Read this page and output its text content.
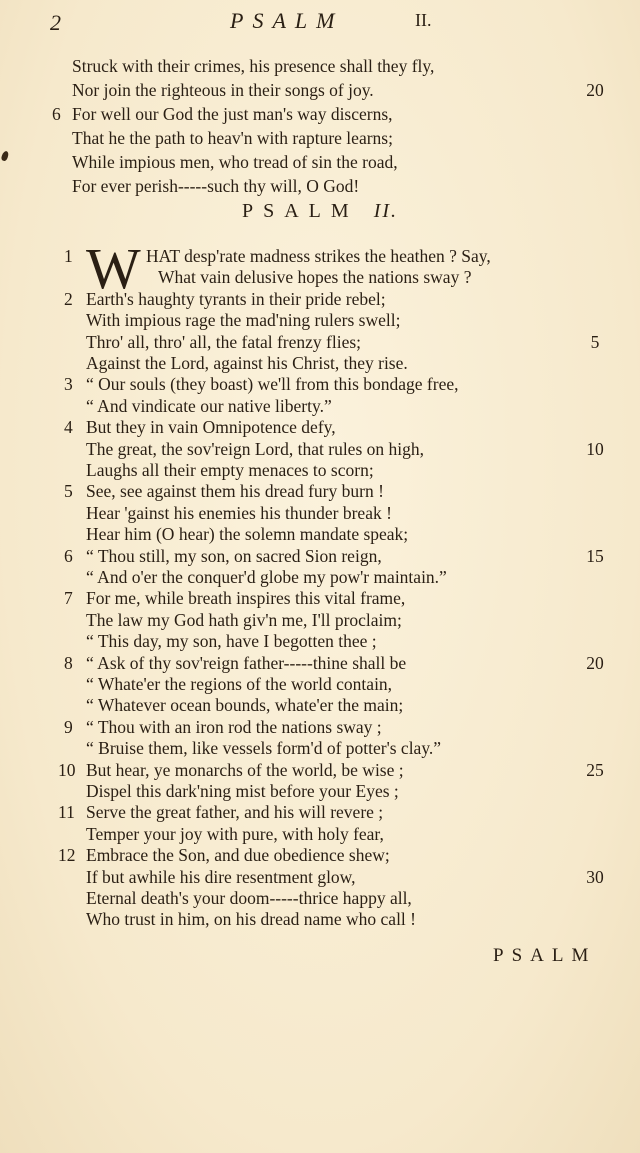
2	PSALM	II.
Struck with their crimes, his presence shall they fly,
Nor join the righteous in their songs of joy.	20
6 For well our God the just man's way discerns,
That he the path to heav'n with rapture learns;
While impious men, who tread of sin the road,
For ever perish-----such thy will, O God!
PSALM II.
W
1	HAT desp'rate madness strikes the heathen ? Say,
What vain delusive hopes the nations sway ?
2 Earth's haughty tyrants in their pride rebel;
With impious rage the mad'ning rulers swell;
Thro' all, thro' all, the fatal frenzy flies;	5
Against the Lord, against his Christ, they rise.
3 “ Our souls (they boast) we'll from this bondage free,
“ And vindicate our native liberty.”
4 But they in vain Omnipotence defy,
The great, the sov'reign Lord, that rules on high,	10
Laughs all their empty menaces to scorn;
5 See, see against them his dread fury burn !
Hear 'gainst his enemies his thunder break !
Hear him (O hear) the solemn mandate speak;
6 “ Thou still, my son, on sacred Sion reign,	15
“ And o'er the conquer'd globe my pow'r maintain.”
7 For me, while breath inspires this vital frame,
The law my God hath giv'n me, I'll proclaim;
“ This day, my son, have I begotten thee ;
8 “ Ask of thy sov'reign father-----thine shall be	20
“ Whate'er the regions of the world contain,
“ Whatever ocean bounds, whate'er the main;
9 “ Thou with an iron rod the nations sway ;
“ Bruise them, like vessels form'd of potter's clay.”
10 But hear, ye monarchs of the world, be wise ;	25
Dispel this dark'ning mist before your Eyes ;
11 Serve the great father, and his will revere ;
Temper your joy with pure, with holy fear,
12 Embrace the Son, and due obedience shew;
If but awhile his dire resentment glow,	30
Eternal death's your doom-----thrice happy all,
Who trust in him, on his dread name who call !
PSALM
